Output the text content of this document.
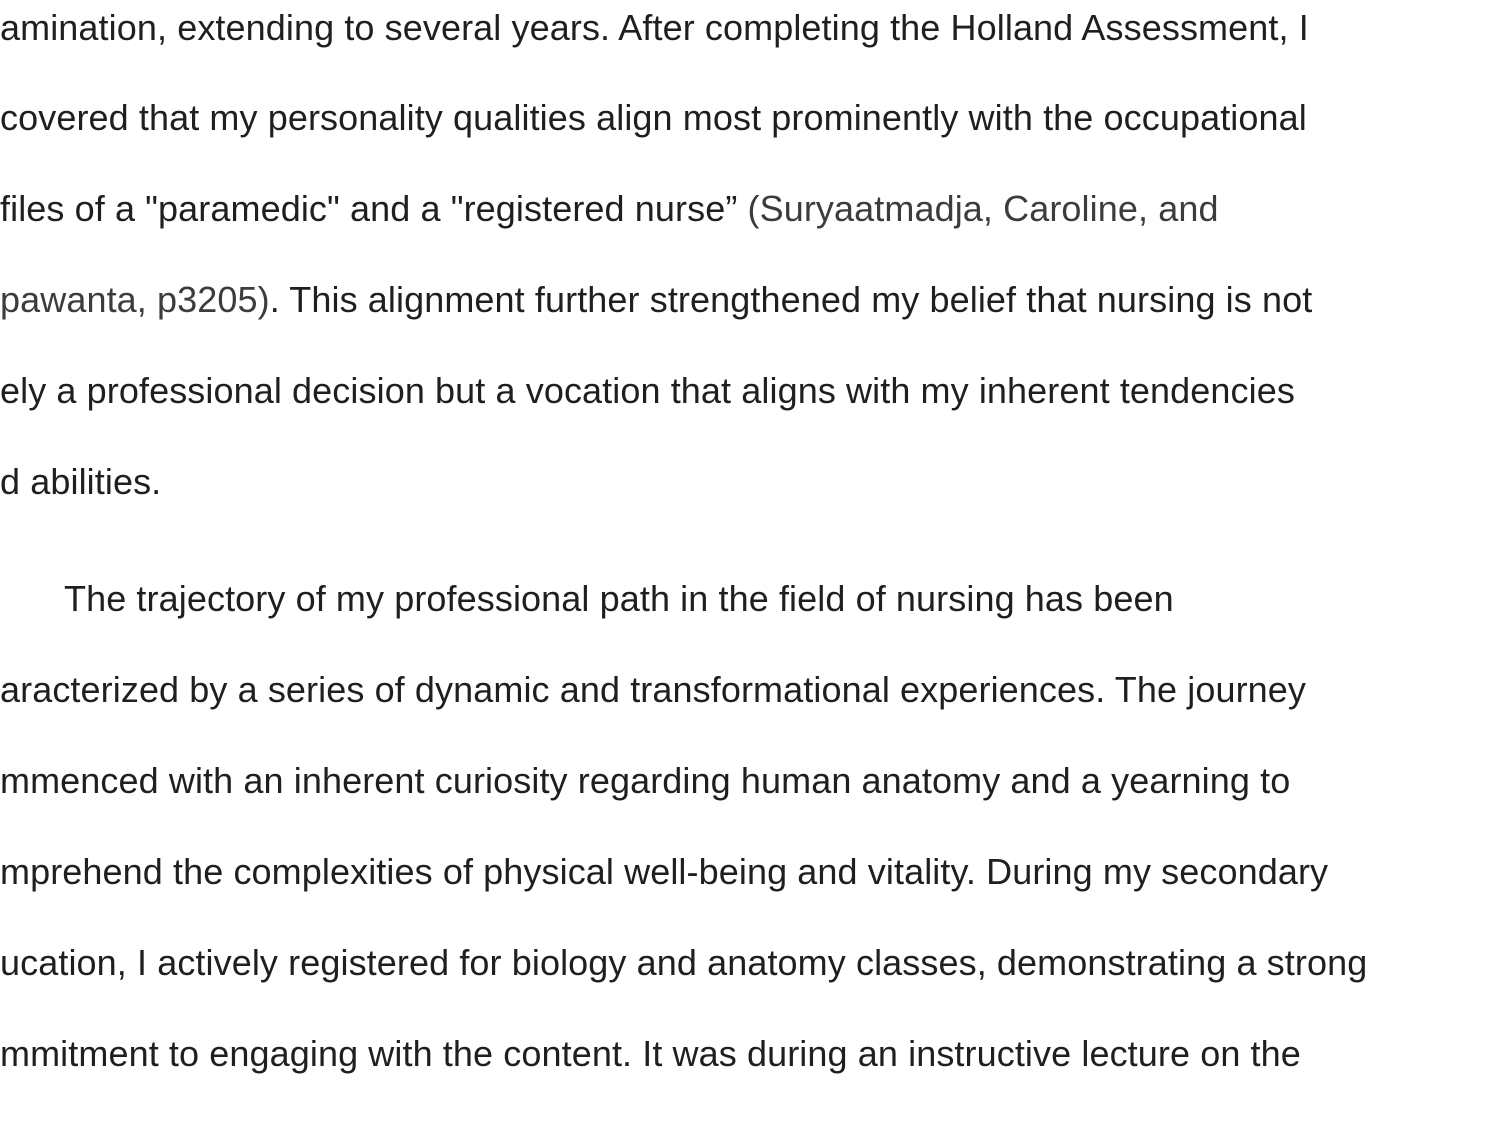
amination, extending to several years. After completing the Holland Assessment, I
covered that my personality qualities align most prominently with the occupational
files of a "paramedic" and a "registered nurse” (Suryaatmadja, Caroline, and
pawanta, p3205). This alignment further strengthened my belief that nursing is not
ely a professional decision but a vocation that aligns with my inherent tendencies
d abilities.
The trajectory of my professional path in the field of nursing has been
aracterized by a series of dynamic and transformational experiences. The journey
mmenced with an inherent curiosity regarding human anatomy and a yearning to
mprehend the complexities of physical well-being and vitality. During my secondary
ucation, I actively registered for biology and anatomy classes, demonstrating a strong
mmitment to engaging with the content. It was during an instructive lecture on the
